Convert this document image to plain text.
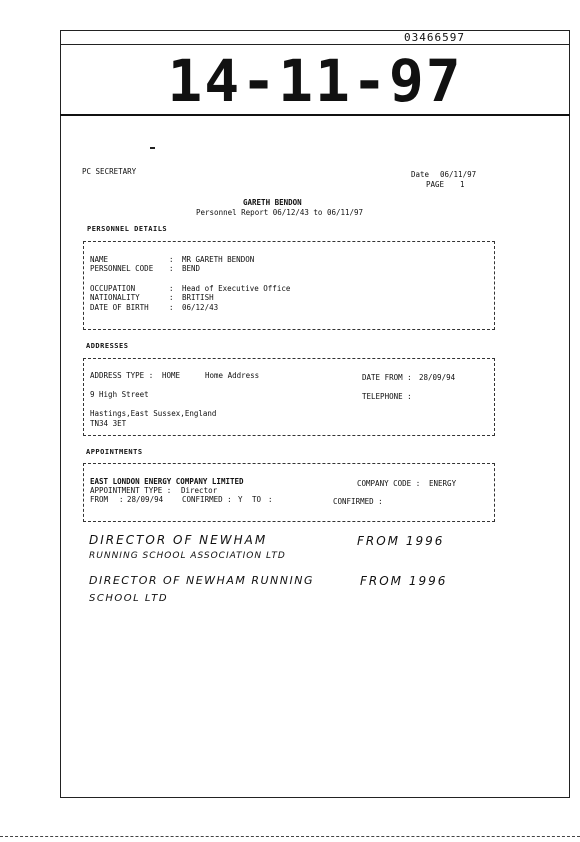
03466597
14-11-97
PC SECRETARY	Date 06/11/97
PAGE 1
GARETH BENDON
Personnel Report 06/12/43 to 06/11/97
PERSONNEL DETAILS
NAME	: MR GARETH BENDON
PERSONNEL CODE : BEND
OCCUPATION	: Head of Executive Office
NATIONALITY	: BRITISH
DATE OF BIRTH	: 06/12/43
ADDRESSES
ADDRESS TYPE : HOME	Home Address	DATE FROM : 28/09/94
9 High Street	TELEPHONE :
Hastings,East Sussex,England
TN34 3ET
APPOINTMENTS
EAST LONDON ENERGY COMPANY LIMITED	COMPANY CODE : ENERGY
APPOINTMENT TYPE : Director
FROM : 28/09/94	CONFIRMED : Y TO :	CONFIRMED :
DIRECTOR OF NEWHAM	FROM 1996
RUNNING SCHOOL ASSOCIATION LTD
DIRECTOR OF NEWHAM RUNNING	FROM 1996
SCHOOL LTD
